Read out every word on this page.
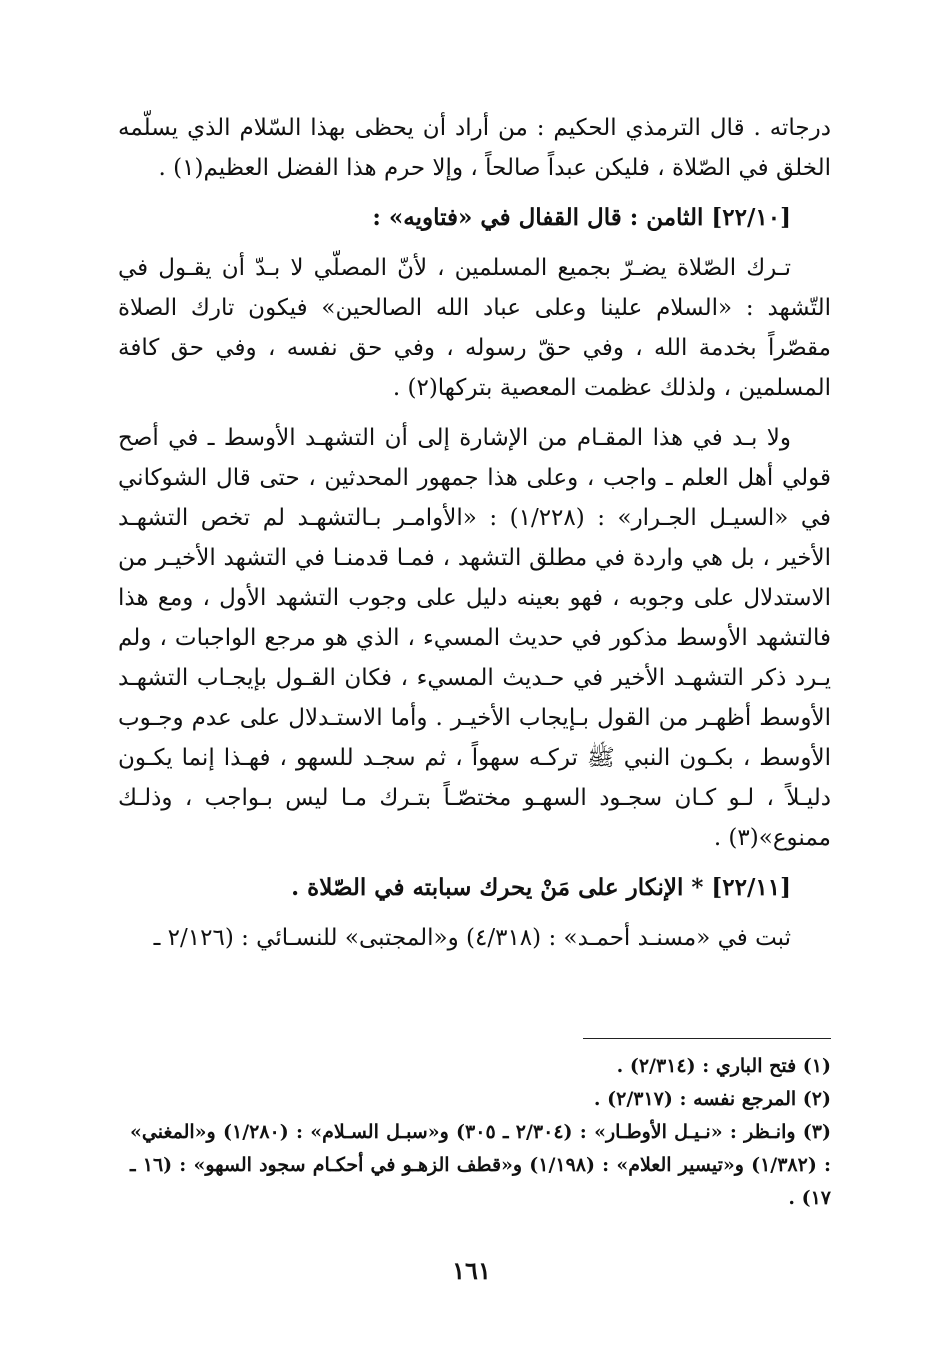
درجاته . قال الترمذي الحكيم : من أراد أن يحظى بهذا السّلام الذي يسلّمه الخلق في الصّلاة ، فليكن عبداً صالحاً ، وإلا حرم هذا الفضل العظيم(١) .

[٢٢/١٠] الثامن : قال القفال في «فتاويه» :

تـرك الصّلاة يضـرّ بجميع المسلمين ، لأنّ المصلّي لا بـدّ أن يقـول في التّشهد : «السلام علينا وعلى عباد الله الصالحين» فيكون تارك الصلاة مقصّراً بخدمة الله ، وفي حقّ رسوله ، وفي حق نفسه ، وفي حق كافة المسلمين ، ولذلك عظمت المعصية بتركها(٢) .

ولا بـد في هذا المقـام من الإشارة إلى أن التشهـد الأوسط ـ في أصح قولي أهل العلم ـ واجب ، وعلى هذا جمهور المحدثين ، حتى قال الشوكاني في «السيـل الجـرار» : (١/٢٢٨) : «الأوامـر بـالتشهـد لم تخص التشهـد الأخير ، بل هي واردة في مطلق التشهد ، فمـا قدمنـا في التشهد الأخيـر من الاستدلال على وجوبه ، فهو بعينه دليل على وجوب التشهد الأول ، ومع هذا فالتشهد الأوسط مذكور في حديث المسيء ، الذي هو مرجع الواجبات ، ولم يـرد ذكر التشهـد الأخير في حـديث المسيء ، فكان القـول بإيجـاب التشهـد الأوسط أظهـر من القول بـإيجاب الأخيـر . وأما الاستـدلال على عدم وجـوب الأوسط ، بكـون النبي ﷺ تركـه سهواً ، ثم سجـد للسهو ، فهـذا إنما يكـون دليـلاً ، لـو كـان سجـود السهـو مختصّـاً بتـرك مـا ليس بـواجب ، وذلـك ممنوع»(٣) .

[٢٢/١١] * الإنكار على مَنْ يحرك سبابته في الصّلاة .

ثبت في «مسنـد أحمـد» : (٤/٣١٨) و«المجتبى» للنسـائي : (٢/١٢٦ ـ

(١) فتح الباري : (٢/٣١٤) .

(٢) المرجع نفسه : (٢/٣١٧) .

(٣) وانـظر : «نـيـل الأوطـار» : (٢/٣٠٤ ـ ٣٠٥) و«سبـل السـلام» : (١/٢٨٠) و«المغني» : (١/٣٨٢) و«تيسير العلام» : (١/١٩٨) و«قطف الزهـو في أحكـام سجود السهو» : (١٦ ـ ١٧) .

١٦١
